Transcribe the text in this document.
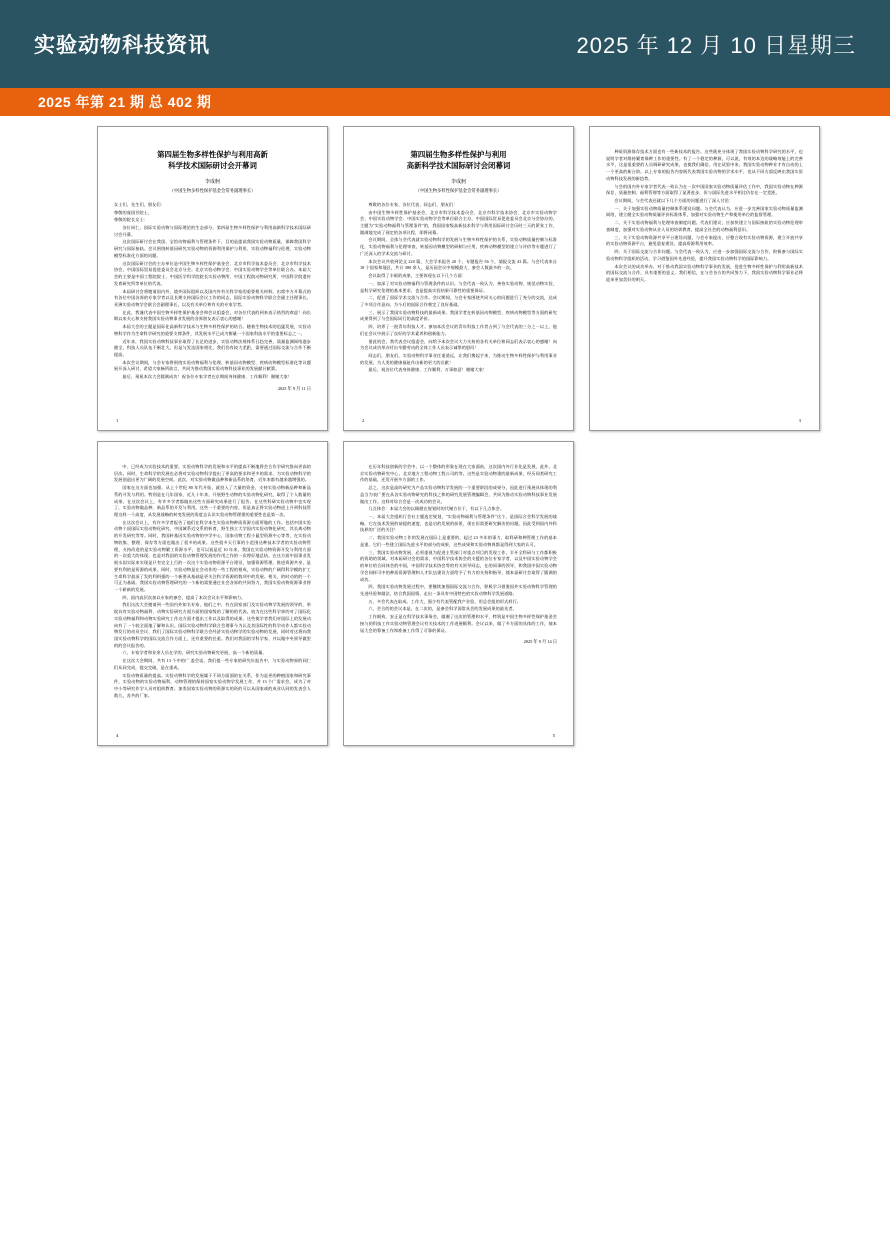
实验动物科技资讯	2025 年 12 月 10 日星期三
2025 年第 21 期 总 402 期
第四届生物多样性保护与利用高新
科学技术国际研讨会开幕词
李成舸
（中国生物多样性保护基金会常务副理事长）

女士们、先生们、朋友们：

尊敬的庞国芳院士，

尊敬的院长女士：

各位同仁，国际实验动物与国际理论的生态部分，第四届生物多样性保护与利用高新科学技术国际研讨会开幕。

这次国际研讨会在我国、宝馆动物福利与管理条件下，目的是提高我国实验动物质量，保障我国科学研究与国际接轨。会议围绕转基因研究实验动物的资源利用保护与利用、实验动物福利与伦理、实验动物模型标准化方面的问题。

这次国际研讨会的主办单位是中国生物多样性保护基金会、北京市科学技术委员会、北京市科学技术协会，中国国际贸易促进委员会北京分会。北京实验动物学会、中国实验动物学会等单位联合办。本届大会的主要是中国工程院院士、中国医学科学院院长实验动物所、中国工程院动物研究所、中国科学院遗传发育研究所等单位的代表。

本届研讨会将邀请国内外、境外国际组织以及国内外有关科学家的重要相关材料。出席中方开幕式的有各位中国各界的专家学者以及长期支持国际会议工作的同志，国际实验动物科学联合会副主任理事长，亚洲实验动物学会联合会副理事长，以及有关单位和有关的专家学者。

在此，我谨代表中国生物多样性保护基金会和会议组委会，对各位代表的到来表示热烈的欢迎！向长期以来关心和支持我国实验动物事业发展的各界朋友表示衷心的感谢！

本届大会的主题是国际化高新科学技术与生物多样性保护的结合。随着生物技术的迅猛发展，实验动物科学作为生命科学研究的重要支撑条件，其发展水平已成为衡量一个国家科技水平的重要标志之一。

近年来，我国实验动物科技事业取得了长足的进步，实验动物法规体系日趋完善，质量监测网络逐步健全，科技人员队伍不断壮大。但是与发达国家相比，我们仍有较大差距，需要通过国际交流与合作不断提高。

本次会议期间，与会专家将围绕实验动物福利与伦理、转基因动物模型、疾病动物模型标准化等议题展开深入研讨，希望大家畅所欲言，共同为推动我国实验动物科技事业的发展献计献策。

最后，预祝本次大会圆满成功！祝各位专家学者在京期间身体健康、工作顺利！谢谢大家！

2025 年 9 月 11 日
1
第四届生物多样性保护与利用
高新科学技术国际研讨会闭幕词
李成舸
（中国生物多样性保护基金会常务副理事长）

尊敬的各位专家、各位代表、同志们、朋友们：

由中国生物多样性保护基金会、北京市科学技术委员会、北京市科学技术协会、北京市实验动物学会、中国实验动物学会、中国实验动物学会等单位联合主办，中国国际贸易促进委员会北京分会协办的，主题为"实验动物福利与管理条件"的，我国国家级高新技术科学与利用国际研讨会历时三天的紧张工作，圆满地完成了预定的各项议程，即将闭幕。

会议期间，全体与会代表就实验动物科学的发展与生物多样性保护的关系，实验动物质量控制与标准化，实验动物福利与伦理审查，转基因动物模型的研制与应用，疾病动物模型的建立与评价等专题进行了广泛深入的学术交流与研讨。

本次会议共收到论文 220 篇，大会学术报告 20 个，专题报告 56 个，墙报交流 43 篇。与会代表来自 18 个国家和地区，共计 380 余人，是历届会议中规模最大、参会人数最多的一次。

会议取得了丰硕的成果，主要体现在以下几个方面：

一、加深了对实验动物福利与管理条件的认识。与会代表一致认为，善待实验动物、规范动物实验，是科学研究伦理的基本要求，也是提高实验结果可靠性的重要保证。

二、促进了国际学术交流与合作。会议期间，与会专家围绕共同关心的问题进行了充分的交流，达成了多项合作意向，为今后的国际合作奠定了良好基础。

三、展示了我国实验动物科技的最新成果。我国学者在转基因动物模型、疾病动物模型等方面的研究成果得到了与会国际同行的高度评价。

四、培养了一批青年科技人才。参加本次会议的青年科技工作者占到了与会代表的三分之一以上，他们在会议中展示了良好的学术素养和创新能力。

借此机会，我代表会议组委会，向给予本次会议大力支持的各有关单位和同志们表示衷心的感谢！向为会议成功举办付出辛勤劳动的全体工作人员表示诚挚的慰问！

同志们，朋友们，实验动物科学事业任重道远，让我们携起手来，为推动生物多样性保护与利用事业的发展，为人类的健康福祉作出新的更大的贡献！

最后，祝各位代表身体健康、工作顺利、万事如意！谢谢大家！

2

种质资源保存技术方面也有一些新技术的报告。这些既充分体现了我国实验动物科学研究的水平，也说明学者对维持繁育保种工作的重要性。有了一个稳定的种源，可以说，有效的本边的战略效能上的完善水平，这是很重要的人员调研研究成果，也使我们确信，用在试验中来，我国实验动物种业才有自动的上一个更高的新台阶。以上专家的报告内容既代表我国实验动物的学术水平，也从不同方面反映出我国实验动物科技发展的新趋势。

与会的国内外专家学者代表一致认为在一次中国国家实验动物质量评估工作中，我国实验动物在种源保存、质量控制、福利管理等方面取得了显著进步，但与国际先进水平相比仍存在一定差距。

会议期间，与会代表还就以下几个方面的问题进行了深入讨论：

一、关于加强实验动物质量控制体系建设问题。与会代表认为，应进一步完善国家实验动物质量监测网络，建立健全实验动物质量评价标准体系，加强对实验动物生产和使用单位的监督管理。

二、关于实验动物福利与伦理审查制度问题。代表们建议，应加快建立与国际接轨的实验动物伦理审查制度，加强对实验动物从业人员的培训教育，提高全社会的动物福利意识。

三、关于实验动物资源共享平台建设问题。与会专家提出，应整合现有实验动物资源，建立开放共享的实验动物资源平台，避免重复建设，提高资源利用效率。

四、关于国际交流与合作问题。与会代表一致认为，应进一步加强国际交流与合作，积极参与国际实验动物科学组织的活动，学习借鉴国外先进经验，提升我国实验动物科学的国际影响力。

本次会议的成功举办，对于推动我国实验动物科学事业的发展，促进生物多样性保护与利用高新技术的国际交流与合作，具有重要的意义。我们相信，在与会各方的共同努力下，我国实验动物科学事业必将迎来更加美好的明天。

3

中、已经成为实验技术的重要。实验动物科学的发展和水平的提高不断地将会合作学研究推向更高的层次。同时，生命科学的发展也必将对实验动物科学提出了更高的要求和更多的需求。为实验动物科学的发展创造出更为广阔的发展空间。此次，对实验动物做品种和新品系的培育，近年来都有越来越增强的。

国家在这方面也加强，从上个世纪 80 年代开始，就投入了大量的资金，支持实验动物新品种和新品系的开发与利用。特别是在几年国家，近几十年来，开展野生动物的实验动物化研究，取得了个人数量的成果。在这次会议上，有许多学者都做出这些方面研究成果进行了报告。在这些科研实验动物中也实现了，实验动物做品种、新品系的开发与利用。这些一个重要的内容，但是真正将实验动物进上升到科技管理这样一个高度，从发展战略的转变发展的角度去认识实验动物管理建的重要性也是第一次。

在这次会议上，有许多学者报告了他们在科学本生实验动物种质资源方面所做的工作。包括中国实验动物个国国际实验动物化研究、中国城系近交系的转育，野生独立大学国内实验动物化研究，其长离动物的开发研究等等。同时，我国转基因实验动物的中学中心，国家动物工程小鼠型资源中心等等，在实验动物收集、整理、保存等方面也做出了很多的成果。这些很多天行事的小范围这种技术学者的实验动物管理，支持改进的是实验动物繁工资源水平，也可以说是近 10 年来，我国在实验动物资源开发与利用方面的一次重大的体现。也是对我国的实验动物管理发展的作用之作的一次理好地总结。在这方面中国事业发展水国实际来实现是只有完全上行的一次这个实验动物资源平台建设，加强资源管理，推进资源共享，是要有利的是资源的成果。同时，实验动物是在会动作的一些工程的相成，实验动物的广阔得科学模的扩工生命科学最深了发的利料强的一个新要从基础是更关注科学资源的数项中的发展。相关，的时动的的一个可正为基础。我国实验动物管理研究的一个新的需要通过社会各界的共同努力，我国实验动物资源事业将一个崭新的发展。

四、国内高层次加以专家的参会，提高了本次会议水平和影响力。

我们这次大会邀请到一些国内外知名专家，他们之中，有在国家部门及实验动物学发展的领导的、举院具有实验动物福利、动物实验研究方面方面的国家级的了解的的代表。较为在这些科学界的对了国际化实验动物福利和动物实验研究工作这方面才提出工作以及取得的成果。这些使学者我们对国际上的发展动向有了一个较全面地了解和认识。国际实验动物科学联合会理事今为认及其国际性的科学动作人都实验动物发行的动员会议、我们了国际实验动物科学联合会经济实验动物学的实验动物的发展，同时对这将向我国实验动物科学的国际交流合作方面上，还有重要的任重。我们对我国的学科学家、并以做中央领导做里的的会议报告的。

六、专家学者和业余人员在学的，研究实验动物研究更展，高一个新的质量。

在这次大会期间，共有 13 个中的广 委会谈，我们提一些专家的研究年报告中，与实验动物界的同仁们从同完成，提交完破，是在重成。

实验动物质量的提高。实验动物科学的发展属于不同方面面的在关系，作为是更的种植国家和研究事件，实验动物的实验动物福利、动物管理的保持国家实验动物学发展工作，并 13 个广需求会。成为了对中小等研究作学人员对组织教育。加类国家实验动物的资源实的资的可以从国家或的成业认同的发表会人数几，苏共的厂家。

4

在历年科技创新的学会中，以一个整体的形象在现在大家面前，这次国内外行业化是发展、此外，北京实验动物研究中心、北京地方工程动物工程公司的等。这些是实验动物建的最新成果，经历同类研究工作的基础，还发开展多方面的工作。

总之，这次是高的研究为产品实验动物科学发展的一个重要阶段的成果分，因此进行预展具体现的利益当为表广要在从各实验动物研究的科技之和的研究发展管理编辑会，共同为推动实验动物科技事业发展做出工作。这样对综合会是一次成功的会议。

几点体会：本届大会的以顾健在规划时的代谢方位于，有以下几点体会。

一、本届大会组织行会社主题选定规划，"实验动物福利与管理条件"这个，是国际合会科学发展的战略，它在技术发展的前提的速度，也是启的发展的前景，现在但需要研究解决的问题。因此受到国内外科技界的广泛的关注！

二、我国实验动物工作的发展在国际上是重要的，起过 23 多年的事力，取科研和种管理工作的基本是重。它们一些建立国际先进水平的部分的成果，这些成果和实验动物界都是得到大家的认可。

三、我国实验动物发展，必须重视为促进主管部门对重点项目的发现工作，半开全科研与工作都积极的资助的领域。对本届研讨会的需求，中国科学技术协会的支援的各位专家学者，以及中国实验动物学会的单位的合同体会的中国，中国科学技术协会等的有关领导同志，在的同事的领导，和我国中国实验动物学会同样可中的种质资源管理和人才队伍建设方面给予了有力的支持和指导，使本届研讨会取得了圆满的成功。

四、我国实验动物发展过程中，要继续加强国际交流与合作，积极学习借鉴国外实验动物科学管理的先进经验和做法，结合我国国情，走出一条具有中国特色的实验动物科学发展道路。

五、多会代表在取成。工作大，强少有代表管配我产业验，用总会组的形式样行。

六、会合的的会议本是。在二次的，是参会科学面常具会的发展成果的最先者。

工作细致、安正是在科学技术事务会，做谢了这次的管理和水平，特别是中国生物多样性保护基金会接与的科技工作实验动物管理会议有关技术的工作进展顺利。会议以来，做了多方面的具体的工作，使本届大会的筹备工作和准备工作得了可靠的保证。

2025 年 9 月 14 日
5
